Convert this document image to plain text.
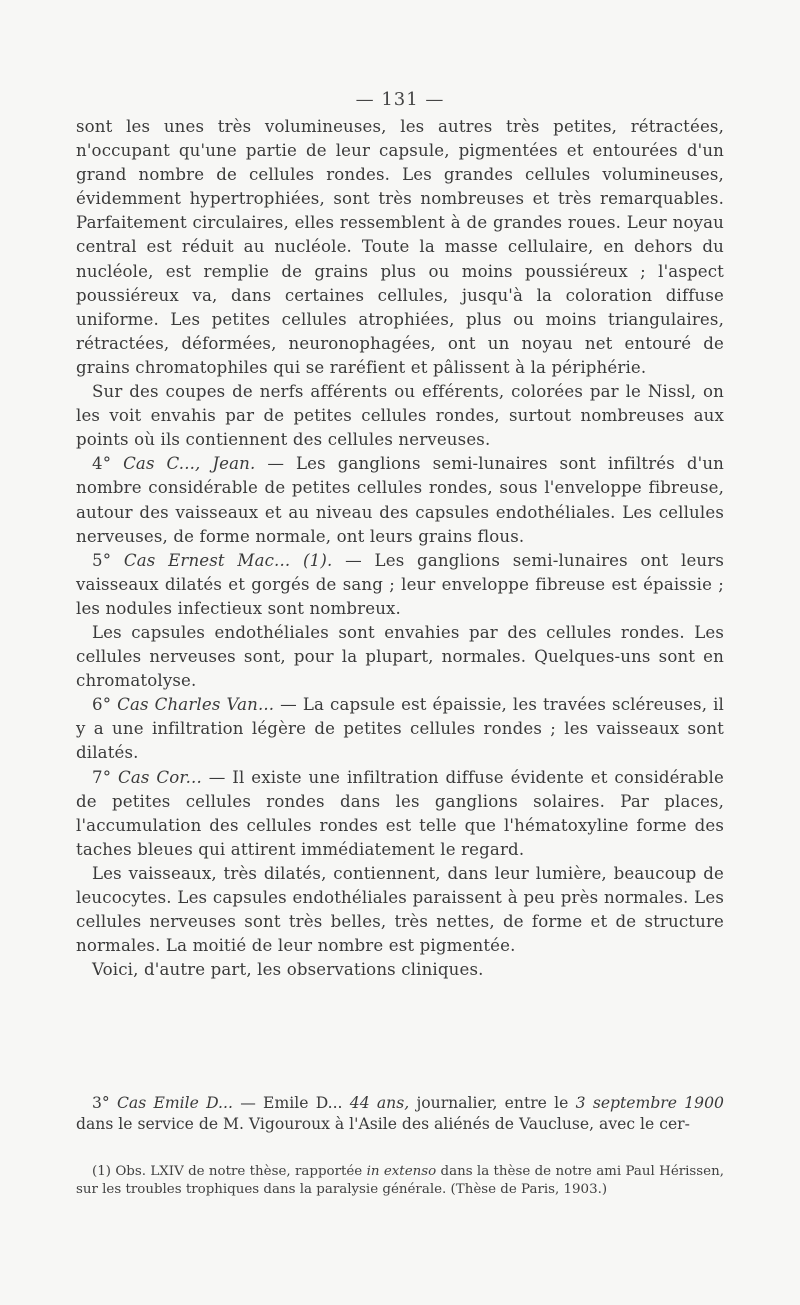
— 131 —

sont les unes très volumineuses, les autres très petites, rétractées, n'occupant qu'une partie de leur capsule, pigmentées et entourées d'un grand nombre de cellules rondes. Les grandes cellules volumineuses, évidemment hypertrophiées, sont très nombreuses et très remarquables. Parfaitement circulaires, elles ressemblent à de grandes roues. Leur noyau central est réduit au nucléole. Toute la masse cellulaire, en dehors du nucléole, est remplie de grains plus ou moins poussiéreux ; l'aspect poussiéreux va, dans certaines cellules, jusqu'à la coloration diffuse uniforme. Les petites cellules atrophiées, plus ou moins triangulaires, rétractées, déformées, neuronophagées, ont un noyau net entouré de grains chromatophiles qui se raréfient et pâlissent à la périphérie.

Sur des coupes de nerfs afférents ou efférents, colorées par le Nissl, on les voit envahis par de petites cellules rondes, surtout nombreuses aux points où ils contiennent des cellules nerveuses.

4° Cas C..., Jean. — Les ganglions semi-lunaires sont infiltrés d'un nombre considérable de petites cellules rondes, sous l'enveloppe fibreuse, autour des vaisseaux et au niveau des capsules endothéliales. Les cellules nerveuses, de forme normale, ont leurs grains flous.

5° Cas Ernest Mac... (1). — Les ganglions semi-lunaires ont leurs vaisseaux dilatés et gorgés de sang ; leur enveloppe fibreuse est épaissie ; les nodules infectieux sont nombreux.

Les capsules endothéliales sont envahies par des cellules rondes. Les cellules nerveuses sont, pour la plupart, normales. Quelques-uns sont en chromatolyse.

6° Cas Charles Van... — La capsule est épaissie, les travées scléreuses, il y a une infiltration légère de petites cellules rondes ; les vaisseaux sont dilatés.

7° Cas Cor... — Il existe une infiltration diffuse évidente et considérable de petites cellules rondes dans les ganglions solaires. Par places, l'accumulation des cellules rondes est telle que l'hématoxyline forme des taches bleues qui attirent immédiatement le regard.

Les vaisseaux, très dilatés, contiennent, dans leur lumière, beaucoup de leucocytes. Les capsules endothéliales paraissent à peu près normales. Les cellules nerveuses sont très belles, très nettes, de forme et de structure normales. La moitié de leur nombre est pigmentée.

Voici, d'autre part, les observations cliniques.

3° Cas Emile D... — Emile D... 44 ans, journalier, entre le 3 septembre 1900 dans le service de M. Vigouroux à l'Asile des aliénés de Vaucluse, avec le cer-
(1) Obs. LXIV de notre thèse, rapportée in extenso dans la thèse de notre ami Paul Hérissen, sur les troubles trophiques dans la paralysie générale. (Thèse de Paris, 1903.)
